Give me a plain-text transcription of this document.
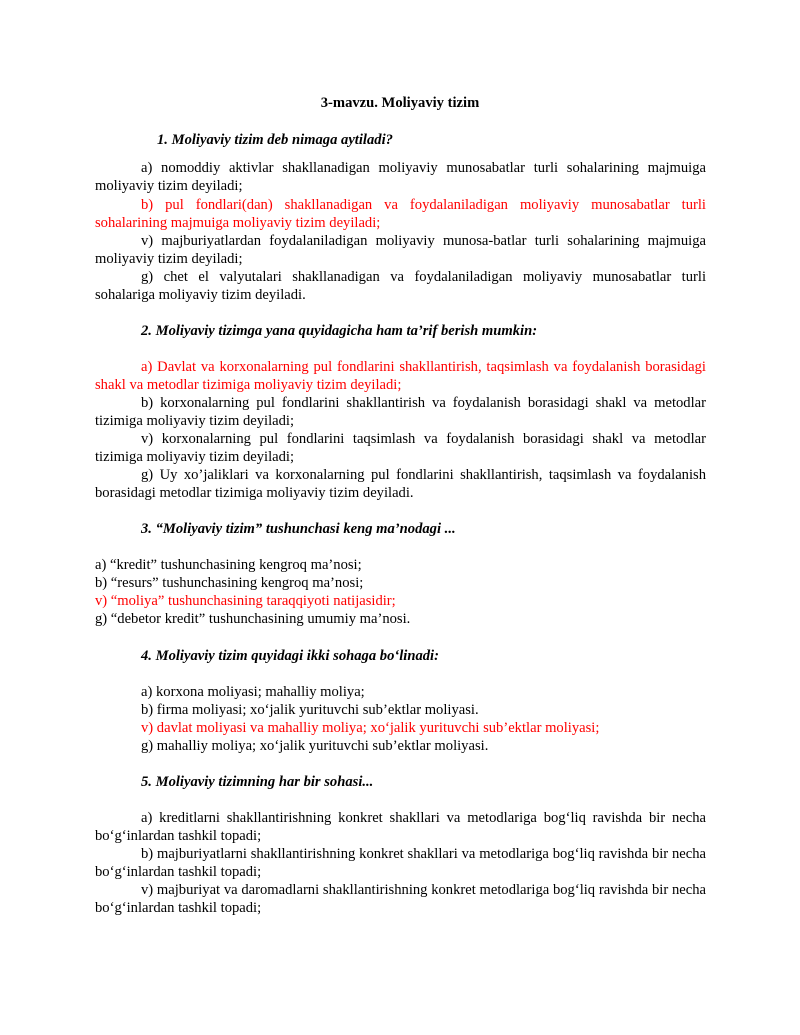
3-mavzu. Moliyaviy tizim
1. Moliyaviy tizim deb nimaga aytiladi?

a) nomoddiy aktivlar shakllanadigan moliyaviy munosabatlar turli sohalarining majmuiga moliyaviy tizim deyiladi;

b) pul fondlari(dan) shakllanadigan va foydalaniladigan moliyaviy munosabatlar turli sohalarining majmuiga moliyaviy tizim deyiladi;

v) majburiyatlardan foydalaniladigan moliyaviy munosa-batlar turli sohalarining majmuiga moliyaviy tizim deyiladi;

g) chet el valyutalari shakllanadigan va foydalaniladigan moliyaviy munosabatlar turli sohalariga moliyaviy tizim deyiladi.

2. Moliyaviy tizimga yana quyidagicha ham ta’rif berish mumkin:

a) Davlat va korxonalarning pul fondlarini shakllantirish, taqsimlash va foydalanish borasidagi shakl va metodlar tizimiga moliyaviy tizim deyiladi;

b) korxonalarning pul fondlarini shakllantirish va foydalanish borasidagi shakl va metodlar tizimiga moliyaviy tizim deyiladi;

v) korxonalarning pul fondlarini taqsimlash va foydalanish borasidagi shakl va metodlar tizimiga moliyaviy tizim deyiladi;

g) Uy xo’jaliklari va korxonalarning pul fondlarini shakllantirish, taqsimlash va foydalanish borasidagi metodlar tizimiga moliyaviy tizim deyiladi.

3. “Moliyaviy tizim” tushunchasi keng ma’nodagi ...

a) “kredit” tushunchasining kengroq ma’nosi;

b) “resurs” tushunchasining kengroq ma’nosi;

v) “moliya” tushunchasining taraqqiyoti natijasidir;

g) “debetor kredit” tushunchasining umumiy ma’nosi.

4. Moliyaviy tizim quyidagi ikki sohaga bo‘linadi:

a) korxona moliyasi; mahalliy moliya;

b) firma moliyasi; xo‘jalik yurituvchi sub’ektlar moliyasi.

v) davlat moliyasi va mahalliy moliya; xo‘jalik yurituvchi sub’ektlar moliyasi;

g) mahalliy moliya; xo‘jalik yurituvchi sub’ektlar moliyasi.

5. Moliyaviy tizimning har bir sohasi...

a) kreditlarni shakllantirishning konkret shakllari va metodlariga bog‘liq ravishda bir necha bo‘g‘inlardan tashkil topadi;

b) majburiyatlarni shakllantirishning konkret shakllari va metodlariga bog‘liq ravishda bir necha bo‘g‘inlardan tashkil topadi;

v) majburiyat va daromadlarni shakllantirishning konkret metodlariga bog‘liq ravishda bir necha bo‘g‘inlardan tashkil topadi;
